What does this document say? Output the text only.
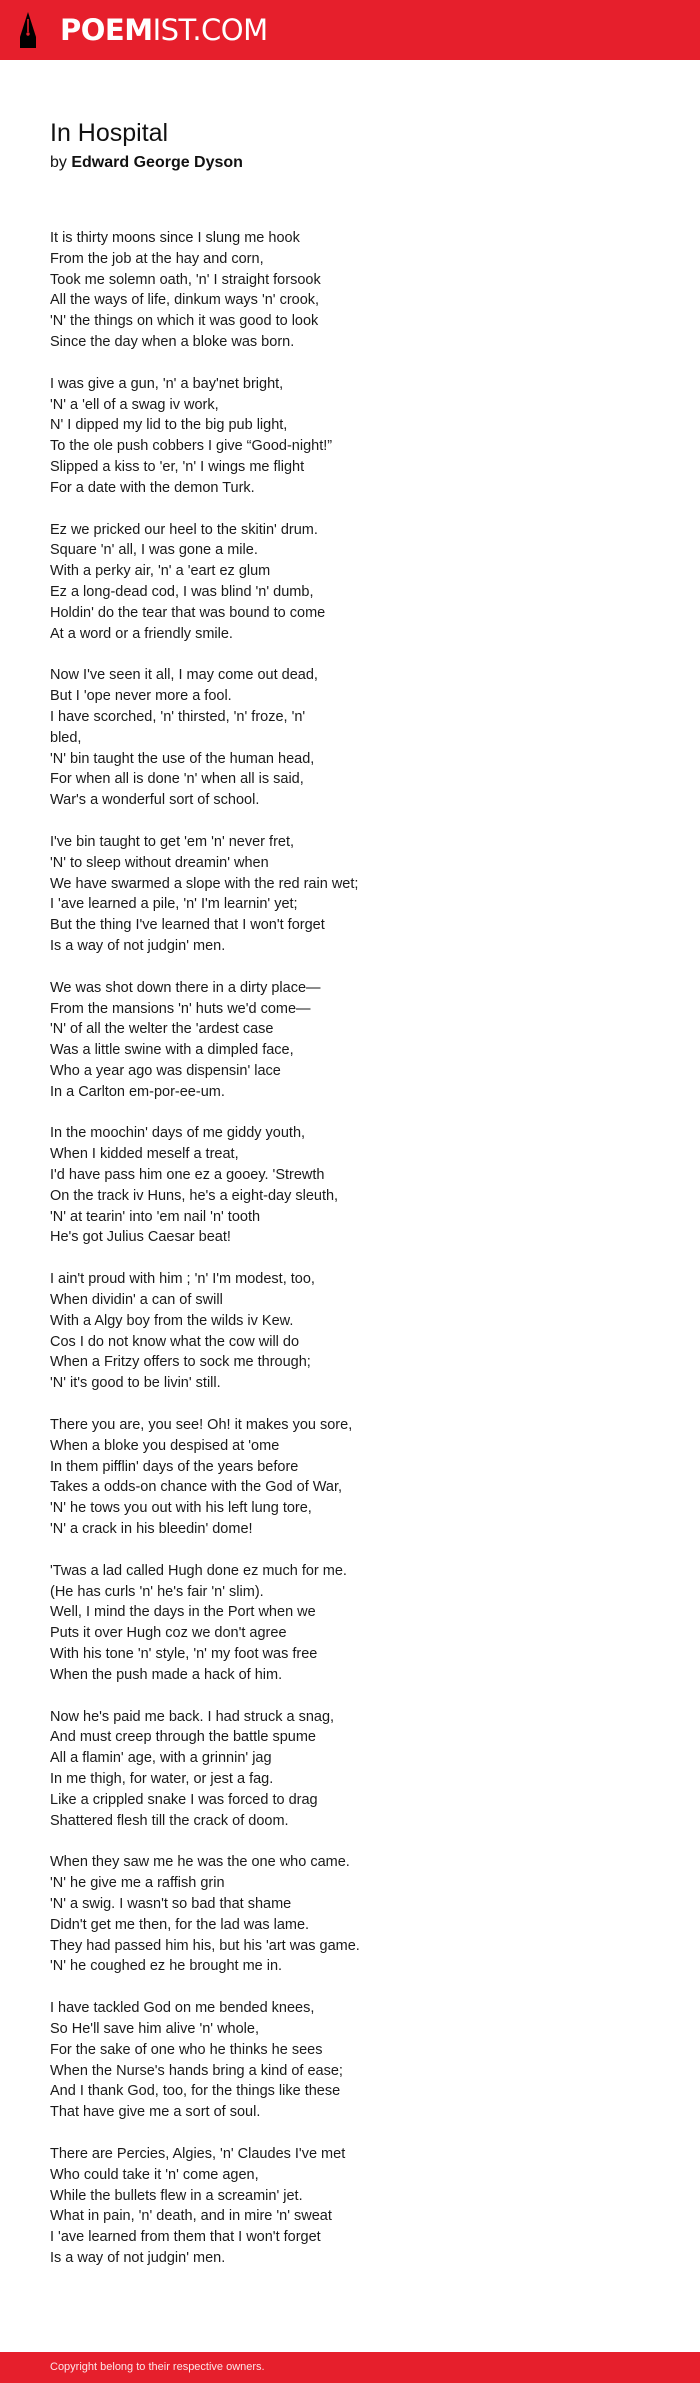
POEMIST.COM
In Hospital

by Edward George Dyson

It is thirty moons since I slung me hook
From the job at the hay and corn,
Took me solemn oath, 'n' I straight forsook
All the ways of life, dinkum ways 'n' crook,
'N' the things on which it was good to look
Since the day when a bloke was born.

I was give a gun, 'n' a bay'net bright,
'N' a 'ell of a swag iv work,
N' I dipped my lid to the big pub light,
To the ole push cobbers I give “Good-night!”
Slipped a kiss to 'er, 'n' I wings me flight
For a date with the demon Turk.

Ez we pricked our heel to the skitin' drum.
Square 'n' all, I was gone a mile.
With a perky air, 'n' a 'eart ez glum
Ez a long-dead cod, I was blind 'n' dumb,
Holdin' do the tear that was bound to come
At a word or a friendly smile.

Now I've seen it all, I may come out dead,
But I 'ope never more a fool.
I have scorched, 'n' thirsted, 'n' froze, 'n'
bled,
'N' bin taught the use of the human head,
For when all is done 'n' when all is said,
War's a wonderful sort of school.

I've bin taught to get 'em 'n' never fret,
'N' to sleep without dreamin' when
We have swarmed a slope with the red rain wet;
I 'ave learned a pile, 'n' I'm learnin' yet;
But the thing I've learned that I won't forget
Is a way of not judgin' men.

We was shot down there in a dirty place—
From the mansions 'n' huts we'd come—
'N' of all the welter the 'ardest case
Was a little swine with a dimpled face,
Who a year ago was dispensin' lace
In a Carlton em-por-ee-um.

In the moochin' days of me giddy youth,
When I kidded meself a treat,
I'd have pass him one ez a gooey. 'Strewth
On the track iv Huns, he's a eight-day sleuth,
'N' at tearin' into 'em nail 'n' tooth
He's got Julius Caesar beat!

I ain't proud with him ; 'n' I'm modest, too,
When dividin' a can of swill
With a Algy boy from the wilds iv Kew.
Cos I do not know what the cow will do
When a Fritzy offers to sock me through;
'N' it's good to be livin' still.

There you are, you see! Oh! it makes you sore,
When a bloke you despised at 'ome
In them pifflin' days of the years before
Takes a odds-on chance with the God of War,
'N' he tows you out with his left lung tore,
'N' a crack in his bleedin' dome!

'Twas a lad called Hugh done ez much for me.
(He has curls 'n' he's fair 'n' slim).
Well, I mind the days in the Port when we
Puts it over Hugh coz we don't agree
With his tone 'n' style, 'n' my foot was free
When the push made a hack of him.

Now he's paid me back. I had struck a snag,
And must creep through the battle spume
All a flamin' age, with a grinnin' jag
In me thigh, for water, or jest a fag.
Like a crippled snake I was forced to drag
Shattered flesh till the crack of doom.

When they saw me he was the one who came.
'N' he give me a raffish grin
'N' a swig. I wasn't so bad that shame
Didn't get me then, for the lad was lame.
They had passed him his, but his 'art was game.
'N' he coughed ez he brought me in.

I have tackled God on me bended knees,
So He'll save him alive 'n' whole,
For the sake of one who he thinks he sees
When the Nurse's hands bring a kind of ease;
And I thank God, too, for the things like these
That have give me a sort of soul.

There are Percies, Algies, 'n' Claudes I've met
Who could take it 'n' come agen,
While the bullets flew in a screamin' jet.
What in pain, 'n' death, and in mire 'n' sweat
I 'ave learned from them that I won't forget
Is a way of not judgin' men.

Copyright belong to their respective owners.
